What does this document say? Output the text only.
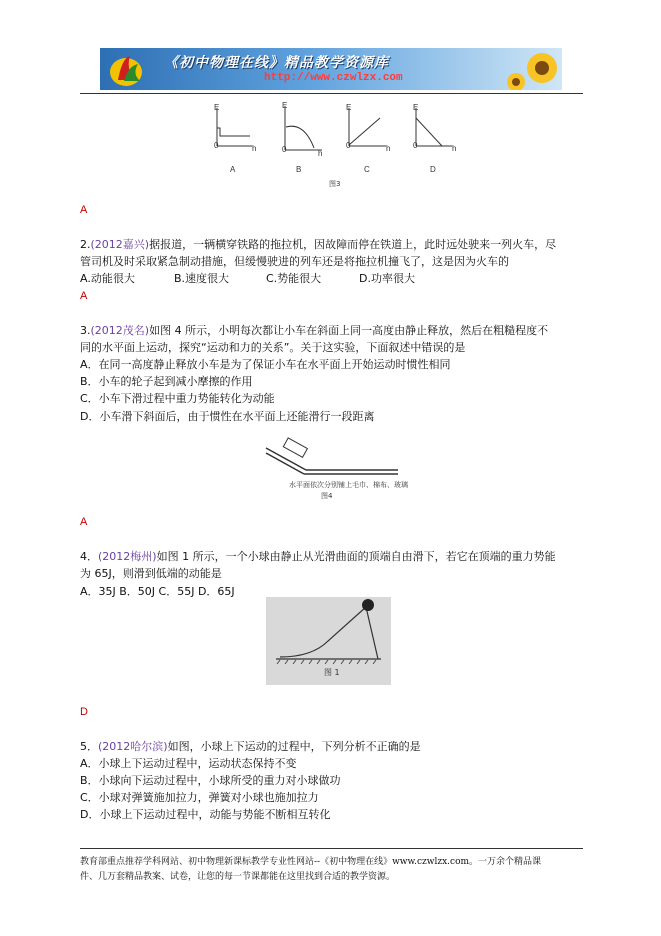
《初中物理在线》精品教学资源库
http://www.czwlzx.com
E	E	E	E
0	0	0	0
h
h
h	h
A	B	C	D
图3
A
2.(2012嘉兴)据报道，一辆横穿铁路的拖拉机，因故障而停在铁道上，此时远处驶来一列火车，尽
管司机及时采取紧急制动措施，但缓慢驶进的列车还是将拖拉机撞飞了，这是因为火车的
A.动能很大	B.速度很大	C.势能很大	D.功率很大
A
3.(2012茂名)如图 4 所示，小明每次都让小车在斜面上同一高度由静止释放，然后在粗糙程度不
同的水平面上运动，探究“运动和力的关系”。关于这实验，下面叙述中错误的是
A．在同一高度静止释放小车是为了保证小车在水平面上开始运动时惯性相同
B．小车的轮子起到减小摩擦的作用
C．小车下滑过程中重力势能转化为动能
D．小车滑下斜面后，由于惯性在水平面上还能滑行一段距离
水平面依次分别铺上毛巾、棉布、玻璃
图4
A
4．(2012梅州)如图 1 所示，一个小球由静止从光滑曲面的顶端自由滑下，若它在顶端的重力势能
为 65J，则滑到低端的动能是
A．35J B．50J C．55J D．65J
图 1
D
5．(2012哈尔滨)如图，小球上下运动的过程中，下列分析不正确的是
A．小球上下运动过程中，运动状态保持不变
B．小球向下运动过程中，小球所受的重力对小球做功
C．小球对弹簧施加拉力，弹簧对小球也施加拉力
D．小球上下运动过程中，动能与势能不断相互转化
教育部重点推荐学科网站、初中物理新课标教学专业性网站--《初中物理在线》www.czwlzx.com。一万余个精品课
件、几万套精品教案、试卷，让您的每一节课都能在这里找到合适的教学资源。
